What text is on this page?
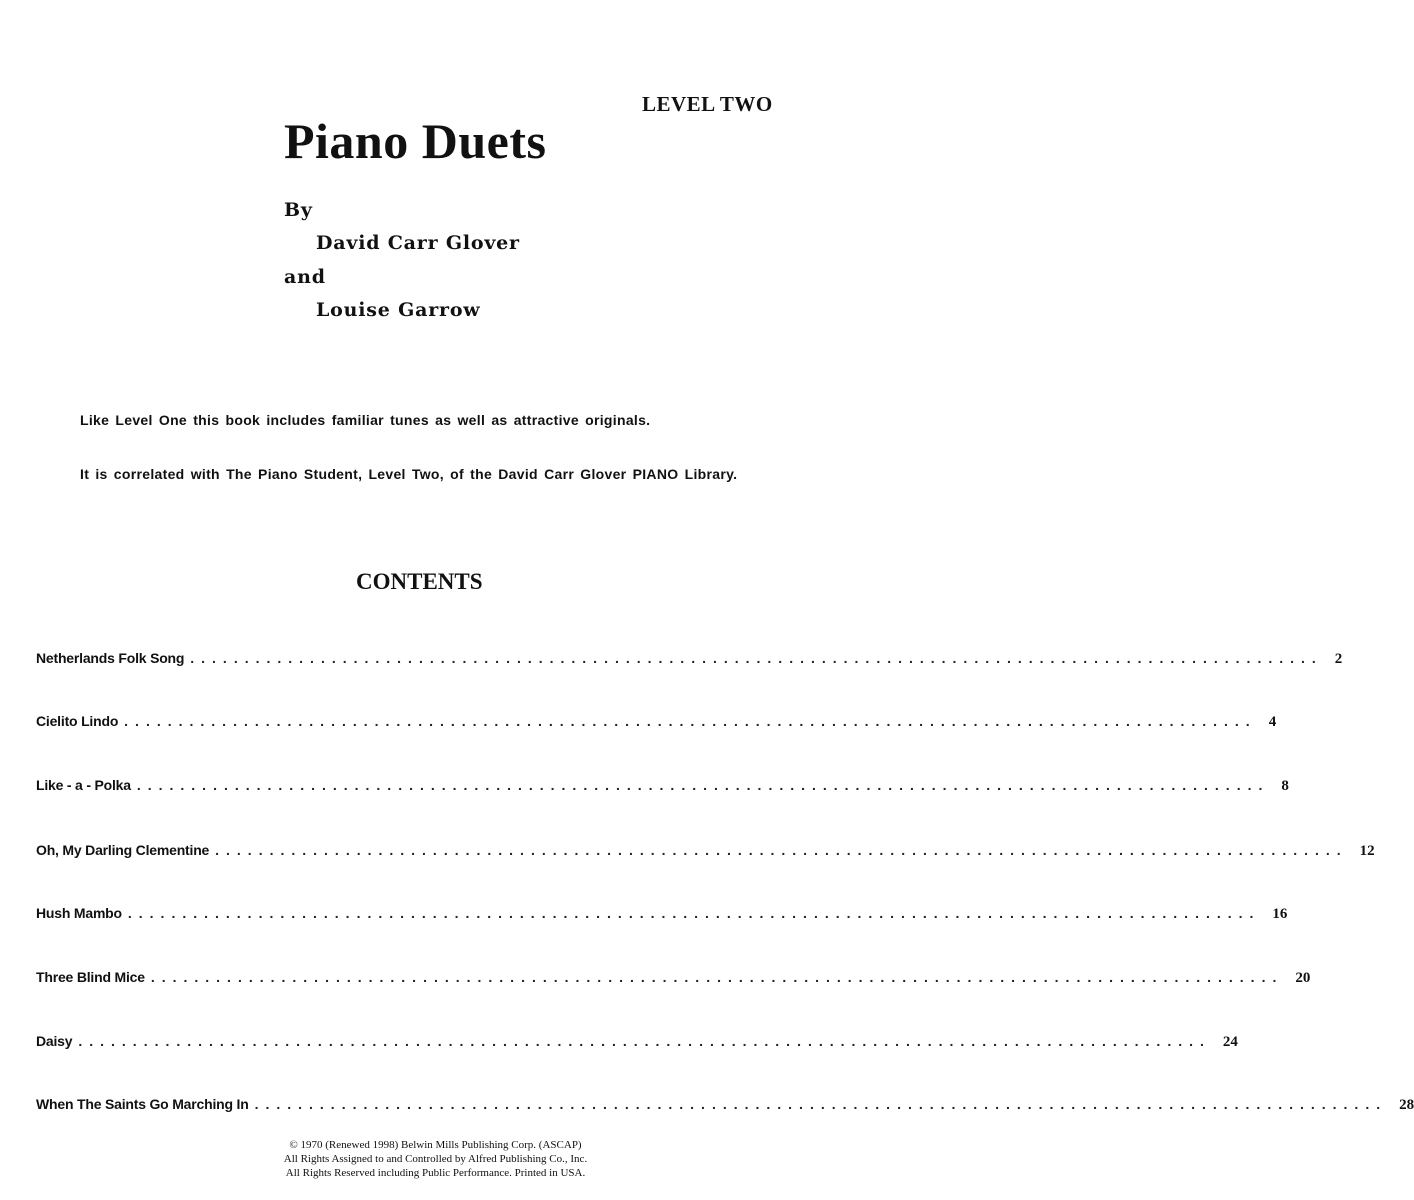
LEVEL TWO
Piano Duets
By
David Carr Glover
and
Louise Garrow
Like Level One this book includes familiar tunes as well as attractive originals.
It is correlated with The Piano Student, Level Two, of the David Carr Glover PIANO Library.
CONTENTS
Netherlands Folk Song ........................................................................................................ 2
Cielito Lindo ........................................................................................................ 4
Like - a - Polka ........................................................................................................ 8
Oh, My Darling Clementine ........................................................................................................ 12
Hush Mambo ........................................................................................................ 16
Three Blind Mice ........................................................................................................ 20
Daisy ........................................................................................................ 24
When The Saints Go Marching In ........................................................................................................ 28
© 1970 (Renewed 1998) Belwin Mills Publishing Corp. (ASCAP)
All Rights Assigned to and Controlled by Alfred Publishing Co., Inc.
All Rights Reserved including Public Performance. Printed in USA.
